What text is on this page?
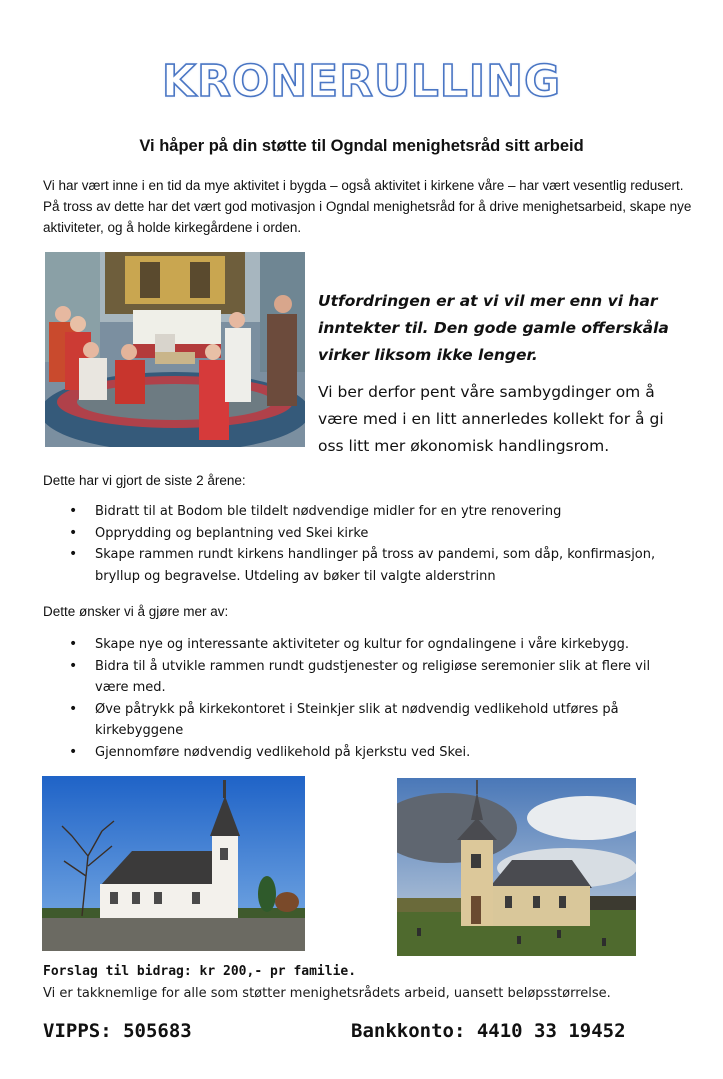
KRONERULLING
Vi håper på din støtte til Ogndal menighetsråd sitt arbeid
Vi har vært inne i en tid da mye aktivitet i bygda – også aktivitet i kirkene våre – har vært vesentlig redusert. På tross av dette har det vært god motivasjon i Ogndal menighetsråd for å drive menighetsarbeid, skape nye aktiviteter, og å holde kirkegårdene i orden.
Utfordringen er at vi vil mer enn vi har inntekter til. Den gode gamle offerskåla virker liksom ikke lenger.
Vi ber derfor pent våre sambygdinger om å være med i en litt annerledes kollekt for å gi oss litt mer økonomisk handlingsrom.
Dette har vi gjort de siste 2 årene:
• Bidratt til at Bodom ble tildelt nødvendige midler for en ytre renovering
• Opprydding og beplantning ved Skei kirke
• Skape rammen rundt kirkens handlinger på tross av pandemi, som dåp, konfirmasjon, bryllup og begravelse. Utdeling av bøker til valgte alderstrinn
Dette ønsker vi å gjøre mer av:
• Skape nye og interessante aktiviteter og kultur for ogndalingene i våre kirkebygg.
• Bidra til å utvikle rammen rundt gudstjenester og religiøse seremonier slik at flere vil være med.
• Øve påtrykk på kirkekontoret i Steinkjer slik at nødvendig vedlikehold utføres på kirkebyggene
• Gjennomføre nødvendig vedlikehold på kjerkstu ved Skei.
Forslag til bidrag: kr 200,- pr familie.
Vi er takknemlige for alle som støtter menighetsrådets arbeid, uansett beløpsstørrelse.
VIPPS: 505683	Bankkonto: 4410 33 19452
